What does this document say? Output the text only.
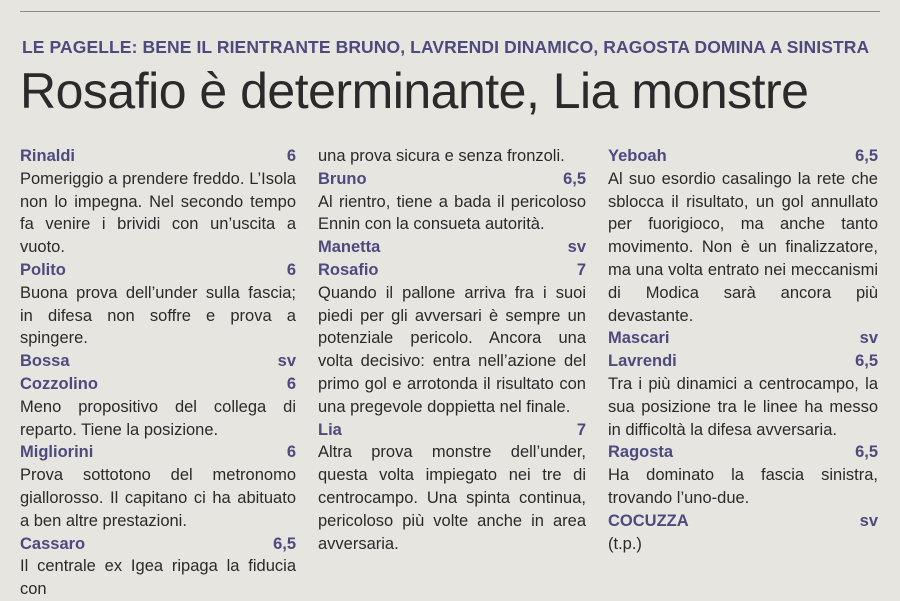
LE PAGELLE: BENE IL RIENTRANTE BRUNO, LAVRENDI DINAMICO, RAGOSTA DOMINA A SINISTRA
Rosafio è determinante, Lia monstre
Rinaldi	6
Pomeriggio a prendere freddo. L’Isola non lo impegna. Nel secondo tempo fa venire i brividi con un’uscita a vuoto.
Polito	6
Buona prova dell’under sulla fascia; in difesa non soffre e prova a spingere.
Bossa	sv
Cozzolino	6
Meno propositivo del collega di reparto. Tiene la posizione.
Migliorini	6
Prova sottotono del metronomo giallorosso. Il capitano ci ha abituato a ben altre prestazioni.
Cassaro	6,5
Il centrale ex Igea ripaga la fiducia con
una prova sicura e senza fronzoli.
Bruno	6,5
Al rientro, tiene a bada il pericoloso Ennin con la consueta autorità.
Manetta	sv
Rosafio	7
Quando il pallone arriva fra i suoi piedi per gli avversari è sempre un potenziale pericolo. Ancora una volta decisivo: entra nell’azione del primo gol e arrotonda il risultato con una pregevole doppietta nel finale.
Lia	7
Altra prova monstre dell’under, questa volta impiegato nei tre di centrocampo. Una spinta continua, pericoloso più volte anche in area avversaria.
Yeboah	6,5
Al suo esordio casalingo la rete che sblocca il risultato, un gol annullato per fuorigioco, ma anche tanto movimento. Non è un finalizzatore, ma una volta entrato nei meccanismi di Modica sarà ancora più devastante.
Mascari	sv
Lavrendi	6,5
Tra i più dinamici a centrocampo, la sua posizione tra le linee ha messo in difficoltà la difesa avversaria.
Ragosta	6,5
Ha dominato la fascia sinistra, trovando l’uno-due.
COCUZZA	sv
(t.p.)
